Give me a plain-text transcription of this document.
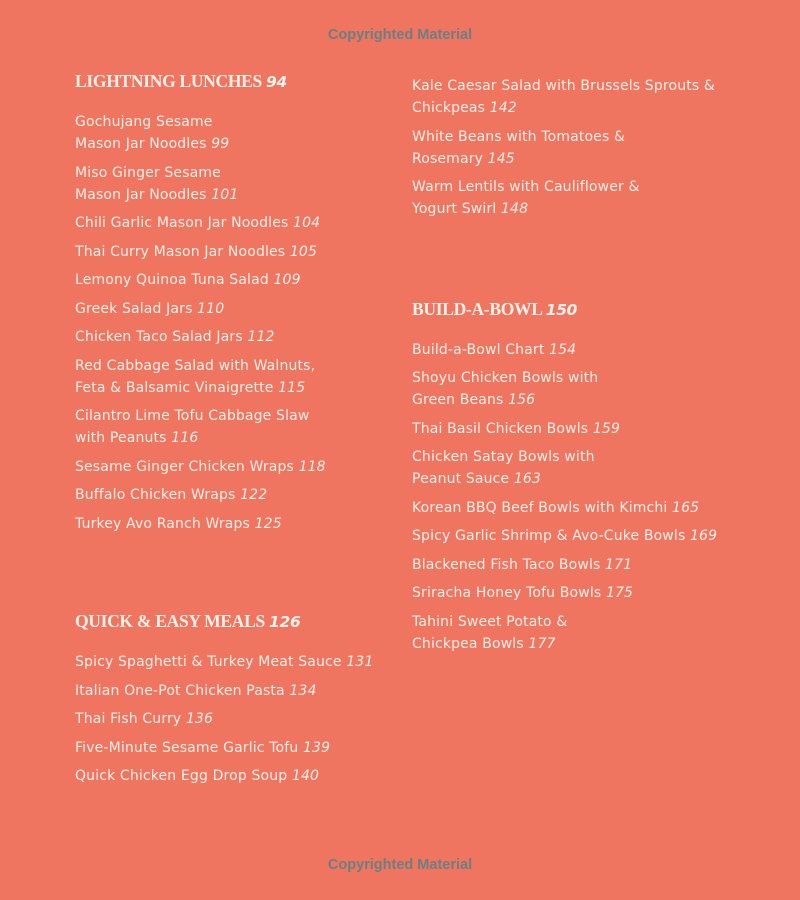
Copyrighted Material
LIGHTNING LUNCHES 94
Gochujang Sesame
Mason Jar Noodles 99
Miso Ginger Sesame
Mason Jar Noodles 101
Chili Garlic Mason Jar Noodles 104
Thai Curry Mason Jar Noodles 105
Lemony Quinoa Tuna Salad 109
Greek Salad Jars 110
Chicken Taco Salad Jars 112
Red Cabbage Salad with Walnuts,
Feta & Balsamic Vinaigrette 115
Cilantro Lime Tofu Cabbage Slaw
with Peanuts 116
Sesame Ginger Chicken Wraps 118
Buffalo Chicken Wraps 122
Turkey Avo Ranch Wraps 125
QUICK & EASY MEALS 126
Spicy Spaghetti & Turkey Meat Sauce 131
Italian One-Pot Chicken Pasta 134
Thai Fish Curry 136
Five-Minute Sesame Garlic Tofu 139
Quick Chicken Egg Drop Soup 140
Kale Caesar Salad with Brussels Sprouts &
Chickpeas 142
White Beans with Tomatoes &
Rosemary 145
Warm Lentils with Cauliflower &
Yogurt Swirl 148
BUILD-A-BOWL 150
Build-a-Bowl Chart 154
Shoyu Chicken Bowls with
Green Beans 156
Thai Basil Chicken Bowls 159
Chicken Satay Bowls with
Peanut Sauce 163
Korean BBQ Beef Bowls with Kimchi 165
Spicy Garlic Shrimp & Avo-Cuke Bowls 169
Blackened Fish Taco Bowls 171
Sriracha Honey Tofu Bowls 175
Tahini Sweet Potato &
Chickpea Bowls 177
Copyrighted Material
